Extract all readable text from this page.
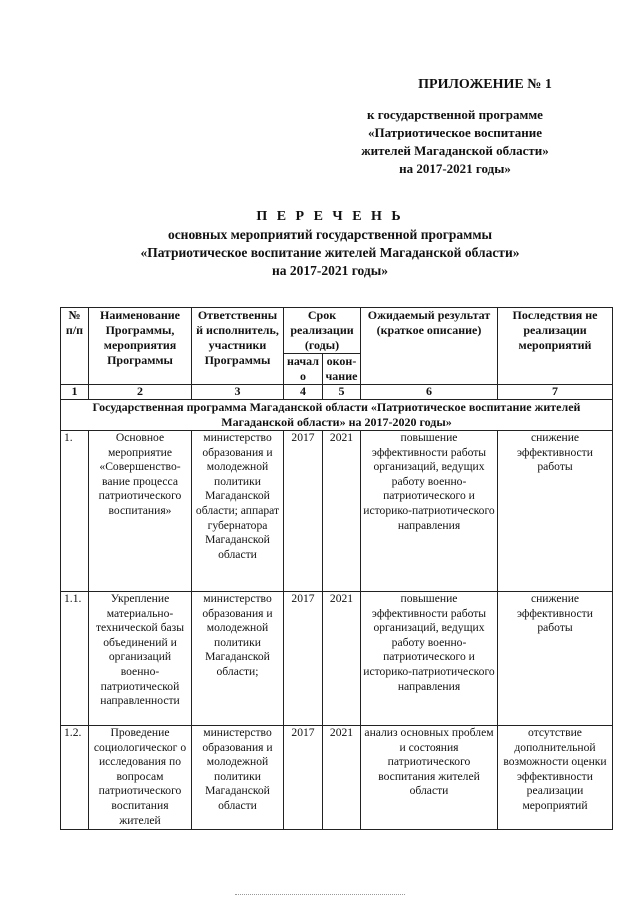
ПРИЛОЖЕНИЕ № 1
к государственной программе
«Патриотическое воспитание
жителей Магаданской области»
на 2017-2021 годы»
П Е Р Е Ч Е Н Ь
основных мероприятий государственной программы
«Патриотическое воспитание жителей Магаданской области»
на 2017-2021 годы»
№ п/п	Наименование Программы, мероприятия Программы	Ответственны й исполнитель, участники Программы	Срок реализации (годы)		Ожидаемый результат (краткое описание)	Последствия не реализации мероприятий
			начал о	окон-чание		
1	2	3	4	5	6	7
Государственная программа Магаданской области «Патриотическое воспитание жителей Магаданской области» на 2017-2020 годы»						
1.	Основное мероприятие «Совершенство-вание процесса патриотического воспитания»	министерство образования и молодежной политики Магаданской области; аппарат губернатора Магаданской области	2017	2021	повышение эффективности работы организаций, ведущих работу военно-патриотического и историко-патриотического направления	снижение эффективности работы
1.1.	Укрепление материально-технической базы объединений и организаций военно-патриотической направленности	министерство образования и молодежной политики Магаданской области;	2017	2021	повышение эффективности работы организаций, ведущих работу военно-патриотического и историко-патриотического направления	снижение эффективности работы
1.2.	Проведение социологическог о исследования по вопросам патриотического воспитания жителей	министерство образования и молодежной политики Магаданской области	2017	2021	анализ основных проблем и состояния патриотического воспитания жителей области	отсутствие дополнительной возможности оценки эффективности реализации мероприятий
